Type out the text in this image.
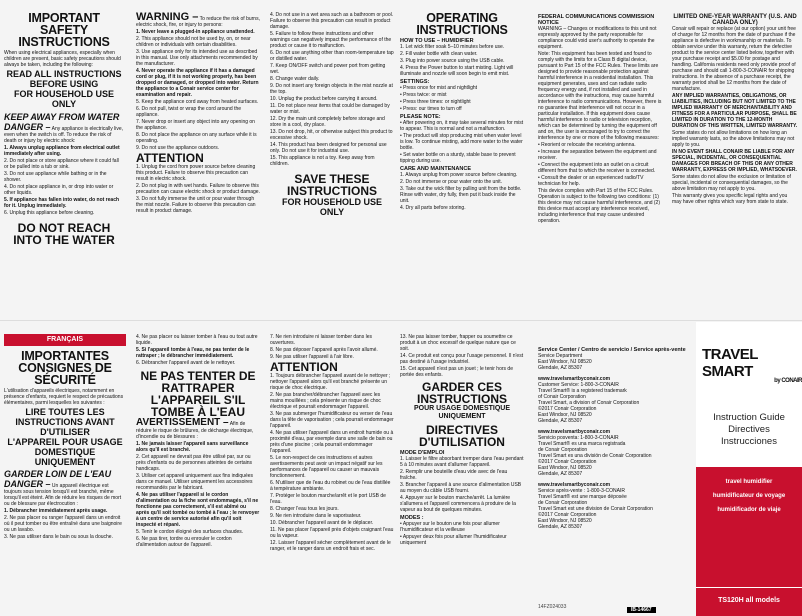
IMPORTANT SAFETY INSTRUCTIONS
When using electrical appliances, especially when children are present, basic safety precautions should always be taken, including the following:
READ ALL INSTRUCTIONS BEFORE USING
FOR HOUSEHOLD USE ONLY
KEEP AWAY FROM WATER
DANGER – Any appliance is electrically live, even when the switch is off. To reduce the risk of death or injury by electric shock:
1. Always unplug appliance from electrical outlet immediately after using.
2. Do not place or store appliance where it could fall or be pulled into a tub or sink.
3. Do not use appliance while bathing or in the shower.
4. Do not place appliance in, or drop into water or other liquids.
5. If appliance has fallen into water, do not reach for it. Unplug immediately.
6. Unplug this appliance before cleaning.
DO NOT REACH INTO THE WATER
WARNING – To reduce the risk of burns, electric shock, fire, or injury to persons:
1. Never leave a plugged-in appliance unattended.
2. This appliance should not be used by, on, or near children or individuals with certain disabilities.
3. Use appliance only for its intended use as described in this manual. Use only attachments recommended by the manufacturer.
4. Never operate the appliance if it has a damaged cord or plug, if it is not working properly, has been dropped or damaged, or dropped into water. Return the appliance to a Conair service center for examination and repair.
5. Keep the appliance cord away from heated surfaces.
6. Do not pull, twist or wrap the cord around the appliance.
7. Never drop or insert any object into any opening on the appliance.
8. Do not place the appliance on any surface while it is operating.
9. Do not use the appliance outdoors.
ATTENTION
1. Unplug the cord from power source before cleaning this product. Failure to observe this precaution can result in electric shock.
2. Do not plug in with wet hands. Failure to observe this precaution can cause electric shock or product damage.
3. Do not fully immerse the unit or pour water through the mist nozzle. Failure to observe this precaution can result in product damage.
4. Do not use in a wet area such as a bathroom or pool. Failure to observe this precaution can result in product damage.
5. Failure to follow these instructions and other warnings can negatively impact the performance of the product or cause it to malfunction.
6. Do not use anything other than room-temperature tap or distilled water.
7. Keep ON/OFF switch and power port from getting wet.
8. Change water daily.
9. Do not insert any foreign objects in the mist nozzle at the top.
10. Unplug the product before carrying it around.
11. Do not place near items that could be damaged by water or mist.
12. Dry the main unit completely before storage and store in a cool, dry place.
13. Do not drop, hit, or otherwise subject this product to excessive shock.
14. This product has been designed for personal use only. Do not use it for industrial use.
15. This appliance is not a toy. Keep away from children.
SAVE THESE INSTRUCTIONS
FOR HOUSEHOLD USE ONLY
OPERATING INSTRUCTIONS
HOW TO USE – HUMIDIFIER
1. Let wick filter soak 5–10 minutes before use.
2. Fill water bottle with clean water.
3. Plug into power source using the USB cable.
4. Press the Power button to start misting. Light will illuminate and nozzle will soon begin to emit mist.
SETTINGS:
• Press once for mist and nightlight
• Press twice: or mist
• Press three times: or nightlight
• Press: our times to turn off
PLEASE NOTE:
• After powering on, it may take several minutes for mist to appear. This is normal and not a malfunction.
• The product will stop producing mist when water level is low. To continue misting, add more water to the water bottle.
• Set water bottle on a sturdy, stable base to prevent tipping during use.
CARE AND MAINTENANCE
1. Always unplug from power source before cleaning.
2. Do not immerse or pour water onto the unit.
3. Take out the wick filter by pulling unit from the bottle. Rinse with water, dry fully, then put it back inside the unit.
4. Dry all parts before storing.
FEDERAL COMMUNICATIONS COMMISSION NOTICE
WARNING – Changes or modifications to this unit not expressly approved by the party responsible for compliance could void user's authority to operate the equipment.
Note: This equipment has been tested and found to comply with the limits for a Class B digital device, pursuant to Part 15 of the FCC Rules. These limits are designed to provide reasonable protection against harmful interference in a residential installation. This equipment generates, uses and can radiate radio frequency energy and, if not installed and used in accordance with the instructions, may cause harmful interference to radio communications. However, there is no guarantee that interference will not occur in a particular installation. If this equipment does cause harmful interference to radio or television reception, which can be determined by turning the equipment off and on, the user is encouraged to try to correct the interference by one or more of the following measures:
• Reorient or relocate the receiving antenna.
• Increase the separation between the equipment and receiver.
• Connect the equipment into an outlet on a circuit different from that to which the receiver is connected.
• Consult the dealer or an experienced radio/TV technician for help.
This device complies with Part 15 of the FCC Rules. Operation is subject to the following two conditions: (1) this device may not cause harmful interference, and (2) this device must accept any interference received, including interference that may cause undesired operation.
LIMITED ONE-YEAR WARRANTY (U.S. AND CANADA ONLY)
Conair will repair or replace (at our option) your unit free of charge for 12 months from the date of purchase if the appliance is defective in workmanship or materials. To obtain service under this warranty, return the defective product to the service center listed below, together with your purchase receipt and $5.00 for postage and handling. California residents need only provide proof of purchase and should call 1-800-3-CONAIR for shipping instructions. In the absence of a purchase receipt, the warranty period shall be 12 months from the date of manufacture.
ANY IMPLIED WARRANTIES, OBLIGATIONS, OR LIABILITIES, INCLUDING BUT NOT LIMITED TO THE IMPLIED WARRANTY OF MERCHANTABILITY AND FITNESS FOR A PARTICULAR PURPOSE, SHALL BE LIMITED IN DURATION TO THE 12-MONTH DURATION OF THIS WRITTEN, LIMITED WARRANTY.
Some states do not allow limitations on how long an implied warranty lasts, so the above limitations may not apply to you.
IN NO EVENT SHALL CONAIR BE LIABLE FOR ANY SPECIAL, INCIDENTAL, OR CONSEQUENTIAL DAMAGES FOR BREACH OF THIS OR ANY OTHER WARRANTY, EXPRESS OR IMPLIED, WHATSOEVER.
Some states do not allow the exclusion or limitation of special, incidental or consequential damages, so the above limitation may not apply to you.
This warranty gives you specific legal rights and you may have other rights which vary from state to state.
FRANÇAIS
IMPORTANTES CONSIGNES DE SÉCURITÉ
L'utilisation d'appareils électriques, notamment en présence d'enfants, requiert le respect de précautions élémentaires, parmi lesquelles les suivantes :
LIRE TOUTES LES INSTRUCTIONS AVANT D'UTILISER
L'APPAREIL POUR USAGE DOMESTIQUE UNIQUEMENT
GARDER LOIN DE L'EAU
DANGER – Un appareil électrique est toujours sous tension lorsqu'il est branché, même lorsqu'il est éteint. Afin de réduire les risques de mort ou de blessure par électrocution :
1. Débrancher immédiatement après usage.
2. Ne pas placer ou ranger l'appareil dans un endroit où il peut tomber ou être entraîné dans une baignoire ou un lavabo.
3. Ne pas utiliser dans le bain ou sous la douche.
4. Ne pas placer ou laisser tomber à l'eau ou tout autre liquide.
5. Si l'appareil tombe à l'eau, ne pas tenter de le rattraper ; le débrancher immédiatement.
6. Débrancher l'appareil avant de le nettoyer.
NE PAS TENTER DE RATTRAPER L'APPAREIL S'IL TOMBE À L'EAU
AVERTISSEMENT – Afin de réduire le risque de brûlures, de décharge électrique, d'incendie ou de blessures :
1. Ne jamais laisser l'appareil sans surveillance alors qu'il est branché.
2. Cet appareil ne devrait pas être utilisé par, sur ou près d'enfants ou de personnes atteintes de certains handicaps.
3. Utiliser cet appareil uniquement aux fins indiquées dans ce manuel. Utiliser uniquement les accessoires recommandés par le fabricant.
4. Ne pas utiliser l'appareil si le cordon d'alimentation ou la fiche sont endommagés, s'il ne fonctionne pas correctement, s'il est abîmé ou après qu'il soit tombé ou tombé à l'eau ; le renvoyer à un centre de service autorisé afin qu'il soit inspecté et réparé.
5. Tenir le cordon éloigné des surfaces chaudes.
6. Ne pas tirer, tordre ou enrouler le cordon d'alimentation autour de l'appareil.
7. Ne rien introduire ni laisser tomber dans les ouvertures.
8. Ne pas déposer l'appareil après l'avoir allumé.
9. Ne pas utiliser l'appareil à l'air libre.
ATTENTION
1. Toujours débrancher l'appareil avant de le nettoyer ; nettoyer l'appareil alors qu'il est branché présente un risque de choc électrique.
2. Ne pas brancher/débrancher l'appareil avec les mains mouillées ; cela présente un risque de choc électrique et pourrait endommager l'appareil.
3. Ne pas submerger l'humidificateur ou verser de l'eau dans la tête de vaporisation ; cela pourrait endommager l'appareil.
4. Ne pas utiliser l'appareil dans un endroit humide ou à proximité d'eau, par exemple dans une salle de bain ou près d'une piscine ; cela pourrait endommager l'appareil.
5. Le non-respect de ces instructions et autres avertissements peut avoir un impact négatif sur les performances de l'appareil ou causer un mauvais fonctionnement.
6. N'utiliser que de l'eau du robinet ou de l'eau distillée à température ambiante.
7. Protéger le bouton marche/arrêt et le port USB de l'eau.
8. Changer l'eau tous les jours.
9. Ne rien introduire dans le vaporisateur.
10. Débrancher l'appareil avant de le déplacer.
11. Ne pas placer l'appareil près d'objets craignant l'eau ou la vapeur.
12. Laisser l'appareil sécher complètement avant de le ranger, et le ranger dans un endroit frais et sec.
13. Ne pas laisser tomber, frapper ou soumettre ce produit à un choc excessif de quelque nature que ce soit.
14. Ce produit est conçu pour l'usage personnel. Il n'est pas destiné à l'usage industriel.
15. Cet appareil n'est pas un jouet ; le tenir hors de portée des enfants.
GARDER CES INSTRUCTIONS
POUR USAGE DOMESTIQUE UNIQUEMENT
DIRECTIVES D'UTILISATION
MODE D'EMPLOI
1. Laisser le filtre absorbant tremper dans l'eau pendant 5 à 10 minutes avant d'allumer l'appareil.
2. Remplir une bouteille d'eau vide avec de l'eau fraîche.
3. Brancher l'appareil à une source d'alimentation USB au moyen du câble USB fourni.
4. Appuyer sur le bouton marche/arrêt. La lumière s'allumera et l'appareil commencera à produire de la vapeur au bout de quelques minutes.
MODES :
• Appuyer sur le bouton une fois pour allumer l'humidificateur et la veilleuse
• Appuyer deux fois pour allumer l'humidificateur uniquement
Service Center / Centro de servicio / Service après-vente
Service Department
East Windsor, NJ 08520
Glendale, AZ 85307
www.travelsmartbyconair.com
Customer Service: 1-800-3-CONAIR
Travel Smart® is a registered trademark
of Conair Corporation
Travel Smart, a division of Conair Corporation
©2017 Conair Corporation
East Windsor, NJ 08520
Glendale, AZ 85307
www.travelsmartbyconair.com
Servicio posventa: 1-800-3-CONAIR
Travel Smart® es una marca registrada
de Conair Corporation
Travel Smart es una división de Conair Corporation
©2017 Conair Corporation
East Windsor, NJ 08520
Glendale, AZ 85307
www.travelsmartbyconair.com
Service après-vente : 1-800-3-CONAIR
Travel Smart® est une marque déposée
de Conair Corporation
Travel Smart est une division de Conair Corporation
©2017 Conair Corporation
East Windsor, NJ 08520
Glendale, AZ 85307
14FZ024033	IB-14667
TRAVEL SMART
by CONAIR
Instruction Guide
Directives
Instrucciones
travel humidifier
humidificateur de voyage
humidificador de viaje
TS120H all models
